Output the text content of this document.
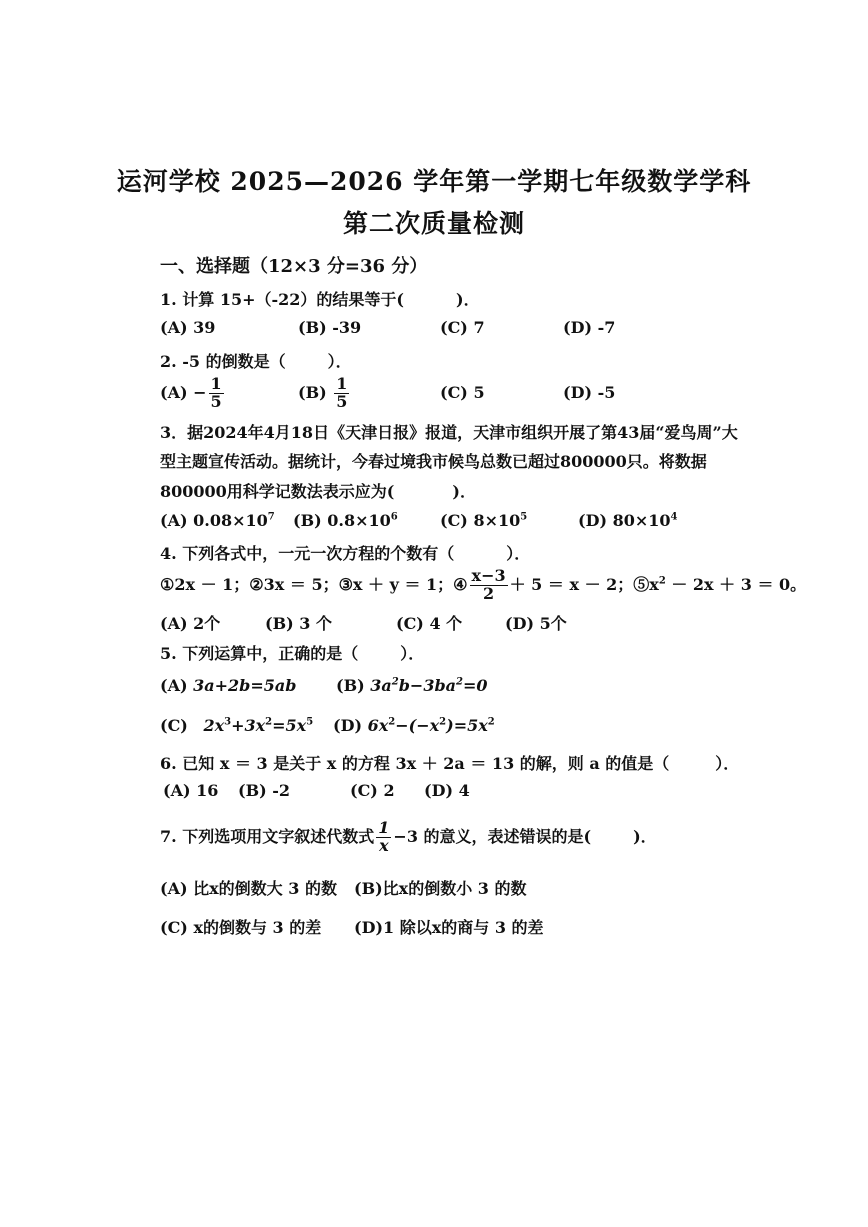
运河学校 2025—2026 学年第一学期七年级数学学科
第二次质量检测
一、选择题（12×3 分=36 分）
1. 计算 15+（-22）的结果等于(	)．
(A) 39	(B) -39	(C) 7	(D) -7
2. -5 的倒数是（	）．
$(A) - \frac{1}{5}$	$(B) \frac{1}{5}$	(C) 5	(D) -5
3．据2024年4月18日《天津日报》报道，天津市组织开展了第43届“爱鸟周”大
型主题宣传活动。据统计，今春过境我市候鸟总数已超过800000只。将数据
800000用科学记数法表示应为(	)．
(A) $0.08\times 10^7$ (B) $0.8\times 10^6$	(C) $8\times 10^5$	(D) $80\times 10^4$
4. 下列各式中，一元一次方程的个数有（	）．
①2x － 1；②3x ＝ 5；③x ＋ y ＝ 1；④ $\frac{x-3}{2} + 5 = x - 2$；$⑤x^2 - 2x + 3 = 0$。
(A) 2个	(B) 3 个	(C) 4 个	(D) 5个
5. 下列运算中，正确的是（	）．
(A) 3a+2b=5ab (B) $3a^2b-3ba^2=0$
(C) $2x^3+3x^2=5x^5$ (D) $6x^2-(-x^2)=5x^2$
6. 已知 x ＝ 3 是关于 x 的方程 3x ＋ 2a ＝ 13 的解，则 a 的值是（	）．
(A) 16 (B) -2	(C) 2 (D) 4
7. 下列选项用文字叙述代数式 $\frac{1}{x} -3$ 的意义，表述错误的是(	)．
(A) 比x的倒数大 3 的数 (B)比x的倒数小 3 的数
(C) x的倒数与 3 的差 (D)1 除以x的商与 3 的差
